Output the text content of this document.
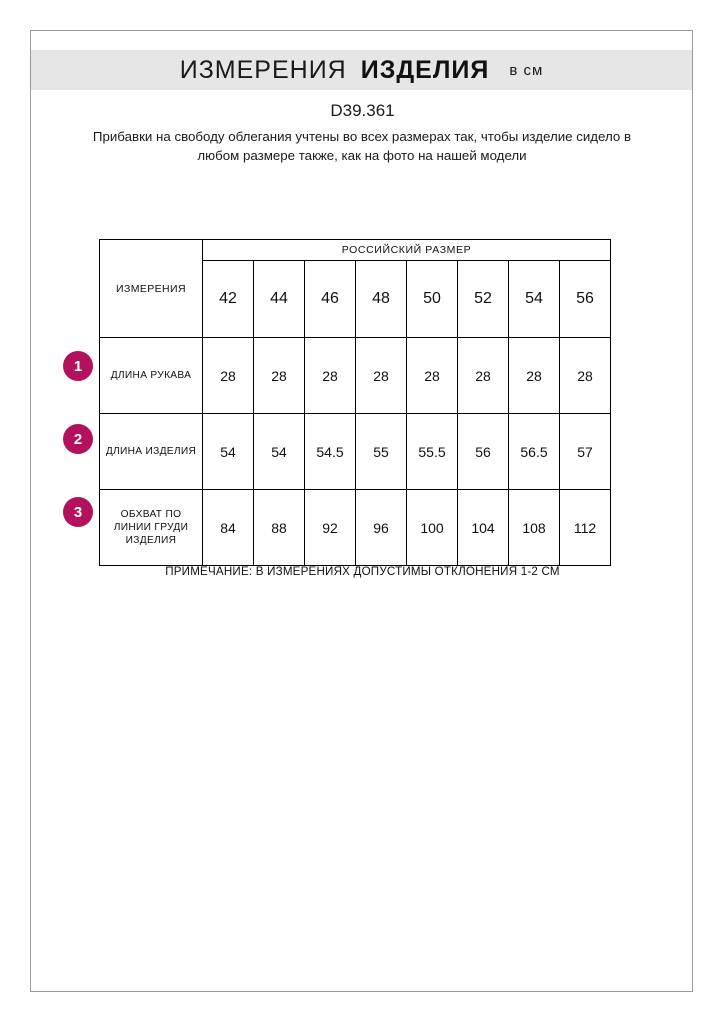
ИЗМЕРЕНИЯ ИЗДЕЛИЯ в см
D39.361
Прибавки на свободу облегания учтены во всех размерах так, чтобы изделие сидело в любом размере также, как на фото на нашей модели
ИЗМЕРЕНИЯ	РОССИЙСКИЙ РАЗМЕР							
	42	44	46	48	50	52	54	56
ДЛИНА РУКАВА	28	28	28	28	28	28	28	28
ДЛИНА ИЗДЕЛИЯ	54	54	54.5	55	55.5	56	56.5	57
ОБХВАТ ПО ЛИНИИ ГРУДИ ИЗДЕЛИЯ	84	88	92	96	100	104	108	112
1
2
3
ПРИМЕЧАНИЕ: В ИЗМЕРЕНИЯХ ДОПУСТИМЫ ОТКЛОНЕНИЯ 1-2 СМ
